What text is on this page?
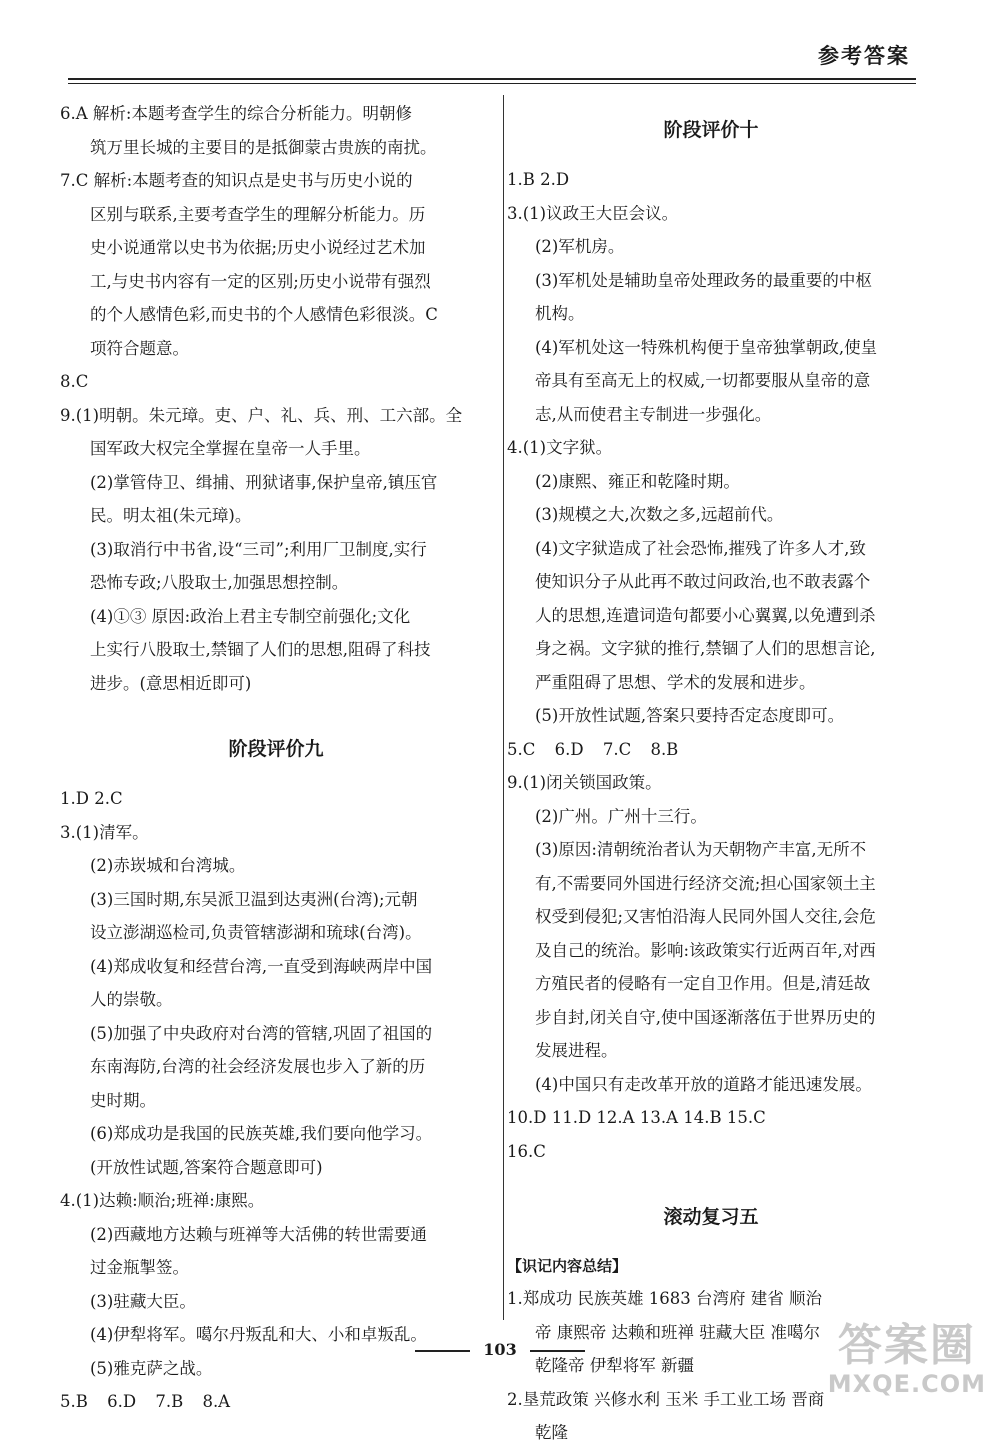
参考答案
6.A 解析:本题考查学生的综合分析能力。明朝修
筑万里长城的主要目的是抵御蒙古贵族的南扰。
7.C 解析:本题考查的知识点是史书与历史小说的
区别与联系,主要考查学生的理解分析能力。历
史小说通常以史书为依据;历史小说经过艺术加
工,与史书内容有一定的区别;历史小说带有强烈
的个人感情色彩,而史书的个人感情色彩很淡。C
项符合题意。
8.C
9.(1)明朝。朱元璋。吏、户、礼、兵、刑、工六部。全
国军政大权完全掌握在皇帝一人手里。
(2)掌管侍卫、缉捕、刑狱诸事,保护皇帝,镇压官
民。明太祖(朱元璋)。
(3)取消行中书省,设“三司”;利用厂卫制度,实行
恐怖专政;八股取士,加强思想控制。
(4)①③ 原因:政治上君主专制空前强化;文化
上实行八股取士,禁锢了人们的思想,阻碍了科技
进步。(意思相近即可)
阶段评价九
1.D 2.C
3.(1)清军。
(2)赤崁城和台湾城。
(3)三国时期,东吴派卫温到达夷洲(台湾);元朝
设立澎湖巡检司,负责管辖澎湖和琉球(台湾)。
(4)郑成收复和经营台湾,一直受到海峡两岸中国
人的崇敬。
(5)加强了中央政府对台湾的管辖,巩固了祖国的
东南海防,台湾的社会经济发展也步入了新的历
史时期。
(6)郑成功是我国的民族英雄,我们要向他学习。
(开放性试题,答案符合题意即可)
4.(1)达赖:顺治;班禅:康熙。
(2)西藏地方达赖与班禅等大活佛的转世需要通
过金瓶掣签。
(3)驻藏大臣。
(4)伊犁将军。噶尔丹叛乱和大、小和卓叛乱。
(5)雅克萨之战。
5.B 6.D 7.B 8.A
阶段评价十
1.B 2.D
3.(1)议政王大臣会议。
(2)军机房。
(3)军机处是辅助皇帝处理政务的最重要的中枢
机构。
(4)军机处这一特殊机构便于皇帝独掌朝政,使皇
帝具有至高无上的权威,一切都要服从皇帝的意
志,从而使君主专制进一步强化。
4.(1)文字狱。
(2)康熙、雍正和乾隆时期。
(3)规模之大,次数之多,远超前代。
(4)文字狱造成了社会恐怖,摧残了许多人才,致
使知识分子从此再不敢过问政治,也不敢表露个
人的思想,连遣词造句都要小心翼翼,以免遭到杀
身之祸。文字狱的推行,禁锢了人们的思想言论,
严重阻碍了思想、学术的发展和进步。
(5)开放性试题,答案只要持否定态度即可。
5.C 6.D 7.C 8.B
9.(1)闭关锁国政策。
(2)广州。广州十三行。
(3)原因:清朝统治者认为天朝物产丰富,无所不
有,不需要同外国进行经济交流;担心国家领土主
权受到侵犯;又害怕沿海人民同外国人交往,会危
及自己的统治。影响:该政策实行近两百年,对西
方殖民者的侵略有一定自卫作用。但是,清廷故
步自封,闭关自守,使中国逐渐落伍于世界历史的
发展进程。
(4)中国只有走改革开放的道路才能迅速发展。
10.D 11.D 12.A 13.A 14.B 15.C
16.C
滚动复习五
【识记内容总结】
1.郑成功 民族英雄 1683 台湾府 建省 顺治
帝 康熙帝 达赖和班禅 驻藏大臣 准噶尔
乾隆帝 伊犁将军 新疆
2.垦荒政策 兴修水利 玉米 手工业工场 晋商
乾隆
103	答案圈
MXQE.COM
